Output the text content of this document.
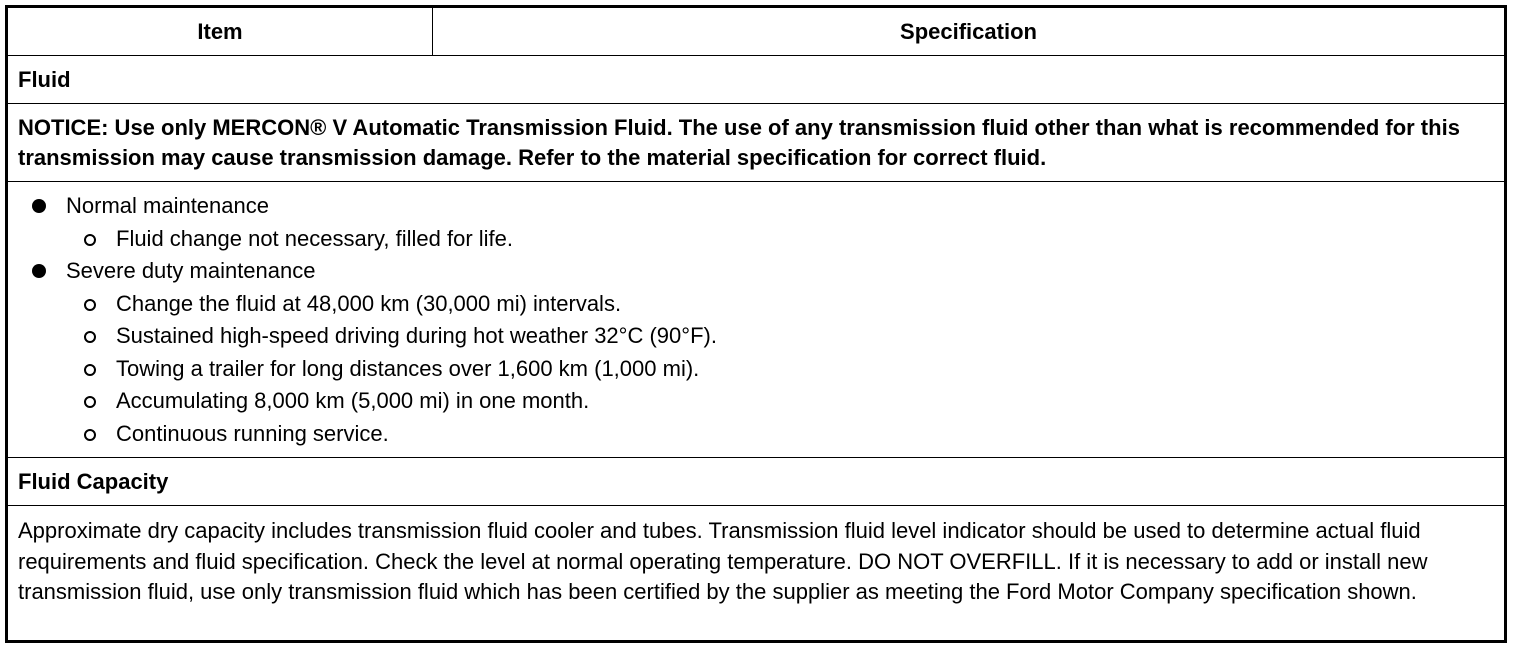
Item	Specification
Fluid
NOTICE: Use only MERCON® V Automatic Transmission Fluid. The use of any transmission fluid other than what is recommended for this transmission may cause transmission damage. Refer to the material specification for correct fluid.
Normal maintenance
Fluid change not necessary, filled for life.
Severe duty maintenance
Change the fluid at 48,000 km (30,000 mi) intervals.
Sustained high-speed driving during hot weather 32°C (90°F).
Towing a trailer for long distances over 1,600 km (1,000 mi).
Accumulating 8,000 km (5,000 mi) in one month.
Continuous running service.
Fluid Capacity
Approximate dry capacity includes transmission fluid cooler and tubes. Transmission fluid level indicator should be used to determine actual fluid requirements and fluid specification. Check the level at normal operating temperature. DO NOT OVERFILL. If it is necessary to add or install new transmission fluid, use only transmission fluid which has been certified by the supplier as meeting the Ford Motor Company specification shown.
